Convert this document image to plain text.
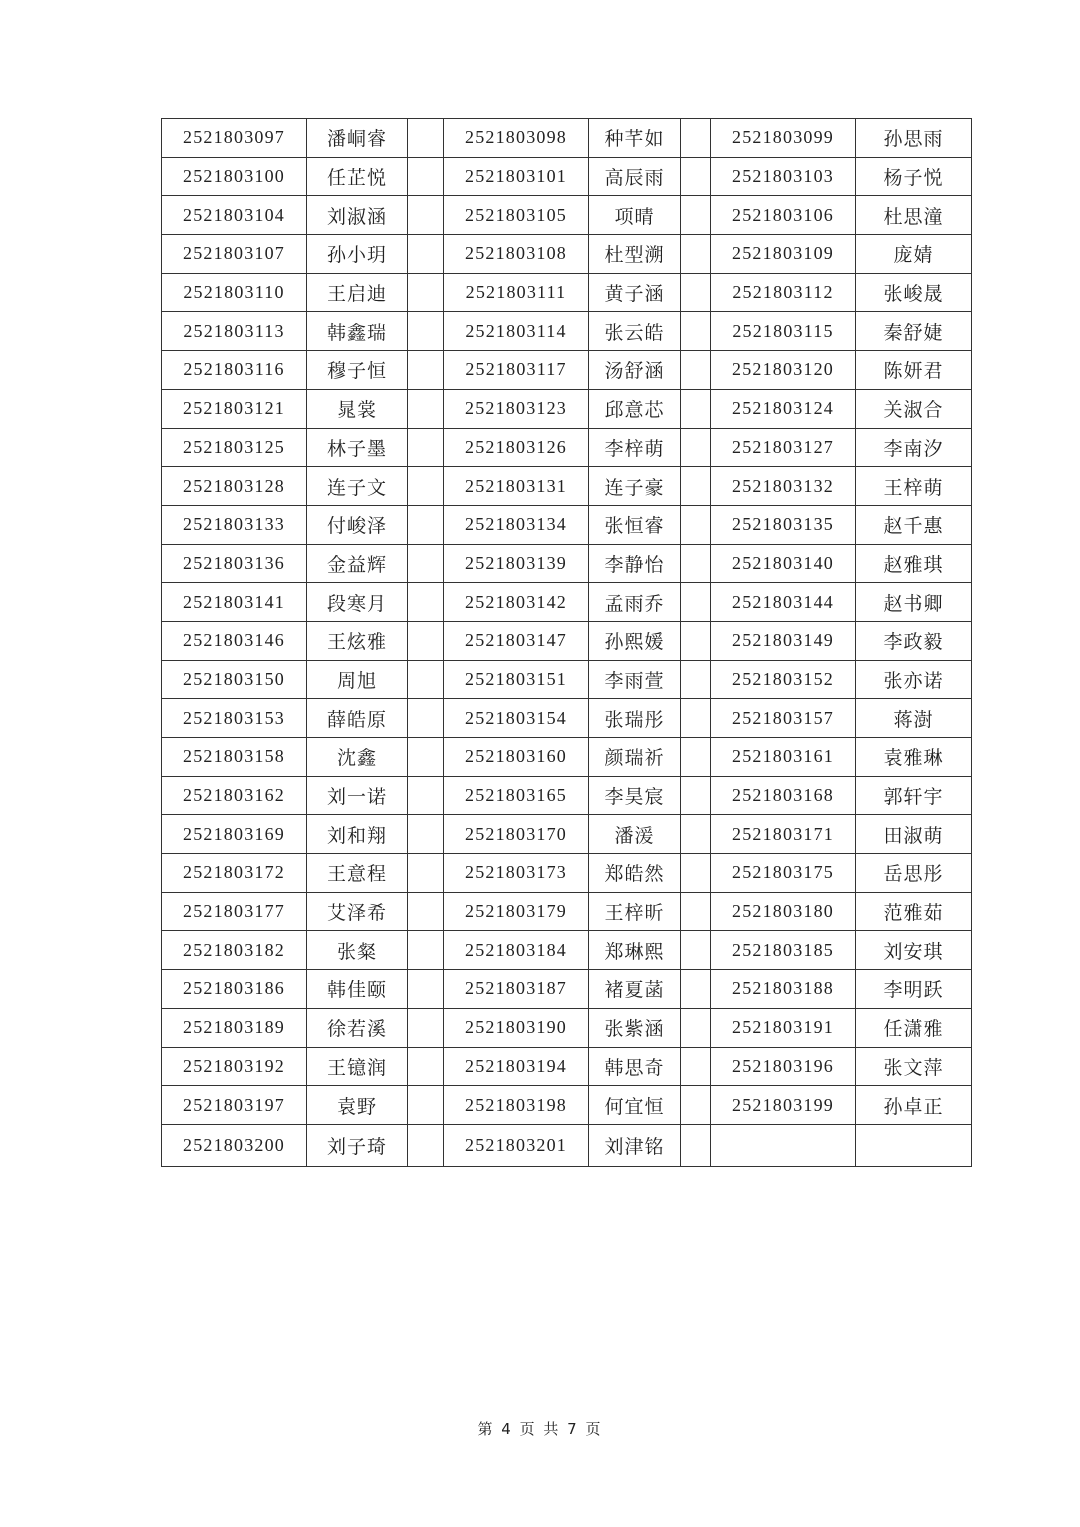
2521803097	潘峒睿		2521803098	种芊如		2521803099	孙思雨
2521803100	任芷悦		2521803101	高辰雨		2521803103	杨子悦
2521803104	刘淑涵		2521803105	项晴		2521803106	杜思潼
2521803107	孙小玥		2521803108	杜型溯		2521803109	庞婧
2521803110	王启迪		2521803111	黄子涵		2521803112	张峻晟
2521803113	韩鑫瑞		2521803114	张云皓		2521803115	秦舒婕
2521803116	穆子恒		2521803117	汤舒涵		2521803120	陈妍君
2521803121	晁裳		2521803123	邱意芯		2521803124	关淑合
2521803125	林子墨		2521803126	李梓萌		2521803127	李南汐
2521803128	连子文		2521803131	连子豪		2521803132	王梓萌
2521803133	付峻泽		2521803134	张恒睿		2521803135	赵千惠
2521803136	金益辉		2521803139	李静怡		2521803140	赵雅琪
2521803141	段寒月		2521803142	孟雨乔		2521803144	赵书卿
2521803146	王炫雅		2521803147	孙熙媛		2521803149	李政毅
2521803150	周旭		2521803151	李雨萱		2521803152	张亦诺
2521803153	薛皓原		2521803154	张瑞彤		2521803157	蒋澍
2521803158	沈鑫		2521803160	颜瑞祈		2521803161	袁雅琳
2521803162	刘一诺		2521803165	李昊宸		2521803168	郭轩宇
2521803169	刘和翔		2521803170	潘湲		2521803171	田淑萌
2521803172	王意程		2521803173	郑皓然		2521803175	岳思彤
2521803177	艾泽希		2521803179	王梓昕		2521803180	范雅茹
2521803182	张粲		2521803184	郑琳熙		2521803185	刘安琪
2521803186	韩佳颐		2521803187	褚夏菡		2521803188	李明跃
2521803189	徐若溪		2521803190	张紫涵		2521803191	任潇雅
2521803192	王镱润		2521803194	韩思奇		2521803196	张文萍
2521803197	袁野		2521803198	何宜恒		2521803199	孙卓正
2521803200	刘子琦		2521803201	刘津铭			
第 4 页 共 7 页
